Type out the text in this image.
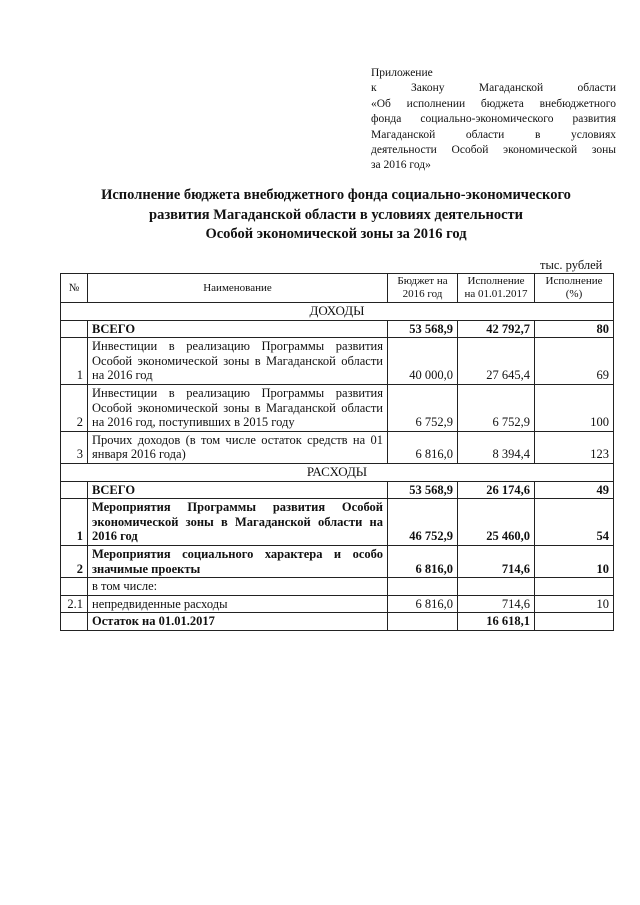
Приложение
к Закону Магаданской области
«Об исполнении бюджета внебюджетного
фонда социально-экономического развития
Магаданской области в условиях
деятельности Особой экономической зоны
за 2016 год»
Исполнение бюджета внебюджетного фонда социально-экономического
развития Магаданской области в условиях деятельности
Особой экономической зоны за 2016 год
тыс. рублей
№	Наименование	Бюджет на 2016 год	Исполнение на 01.01.2017	Исполнение (%)
ДОХОДЫ				
	ВСЕГО	53 568,9	42 792,7	80
1	Инвестиции в реализацию Программы развития Особой экономической зоны в Магаданской области на 2016 год	40 000,0	27 645,4	69
2	Инвестиции в реализацию Программы развития Особой экономической зоны в Магаданской области на 2016 год, поступивших в 2015 году	6 752,9	6 752,9	100
3	Прочих доходов (в том числе остаток средств на 01 января 2016 года)	6 816,0	8 394,4	123
РАСХОДЫ				
	ВСЕГО	53 568,9	26 174,6	49
1	Мероприятия Программы развития Особой экономической зоны в Магаданской области на 2016 год	46 752,9	25 460,0	54
2	Мероприятия социального характера и особо значимые проекты	6 816,0	714,6	10
	в том числе:			
2.1	непредвиденные расходы	6 816,0	714,6	10
	Остаток на 01.01.2017		16 618,1	
